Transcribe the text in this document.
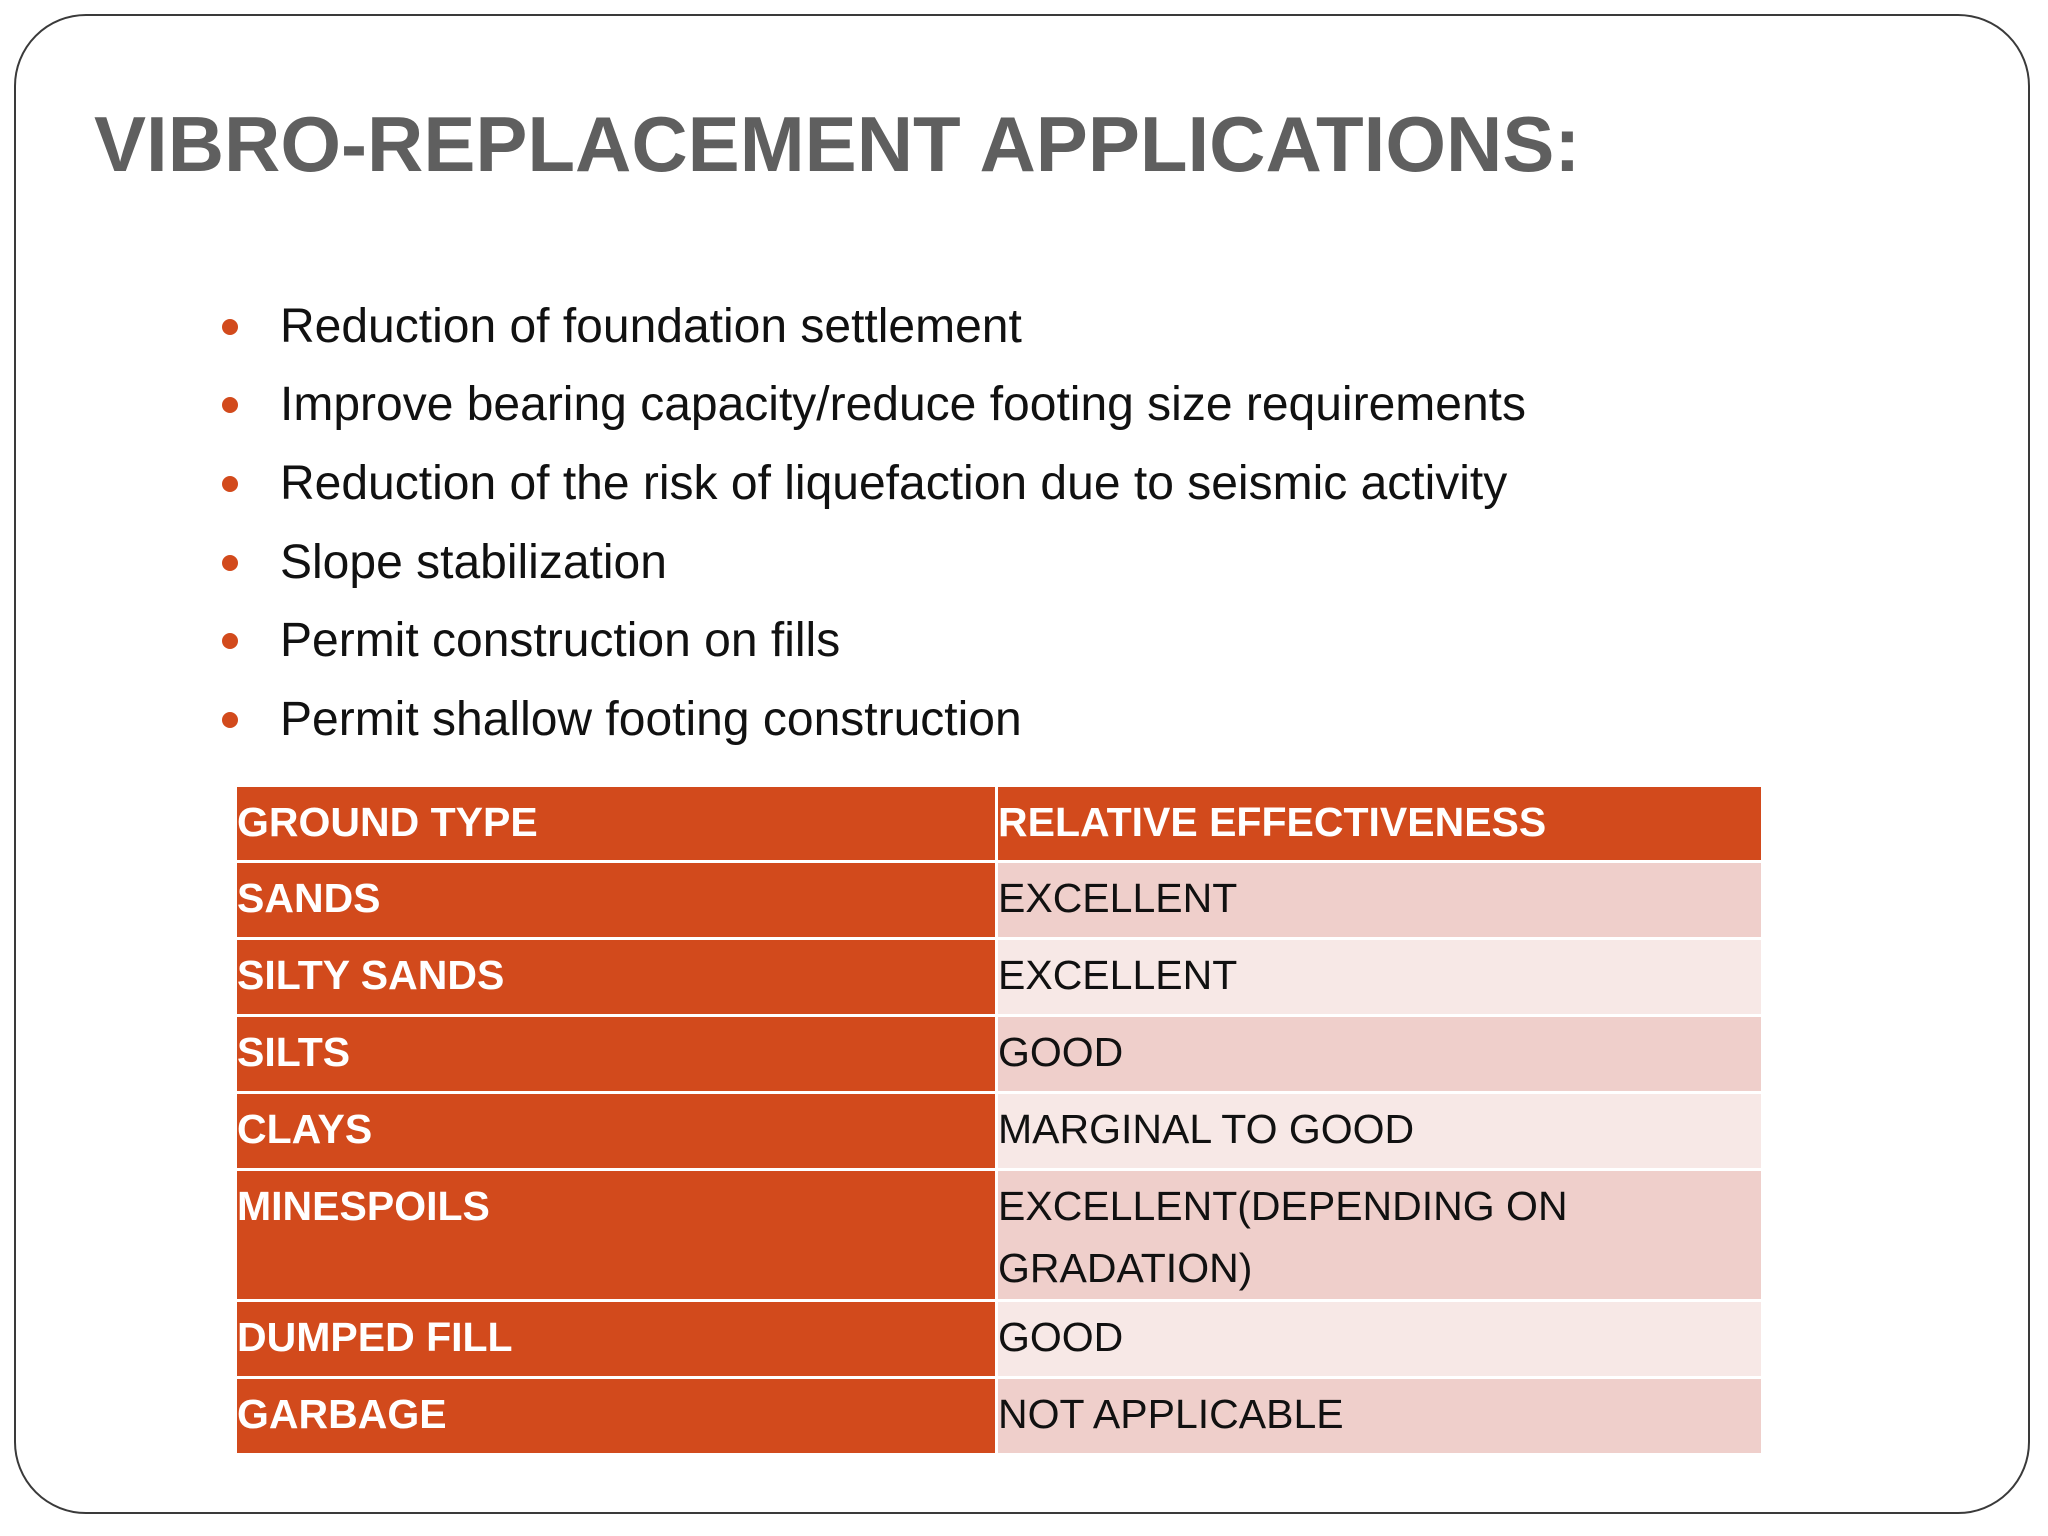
VIBRO-REPLACEMENT APPLICATIONS:
Reduction of foundation settlement
Improve bearing capacity/reduce footing size requirements
Reduction of the risk of liquefaction due to seismic activity
Slope stabilization
Permit construction on fills
Permit shallow footing construction
GROUND TYPE	RELATIVE EFFECTIVENESS
SANDS	EXCELLENT
SILTY SANDS	EXCELLENT
SILTS	GOOD
CLAYS	MARGINAL TO GOOD
MINESPOILS	EXCELLENT(DEPENDING ON GRADATION)
DUMPED FILL	GOOD
GARBAGE	NOT APPLICABLE
